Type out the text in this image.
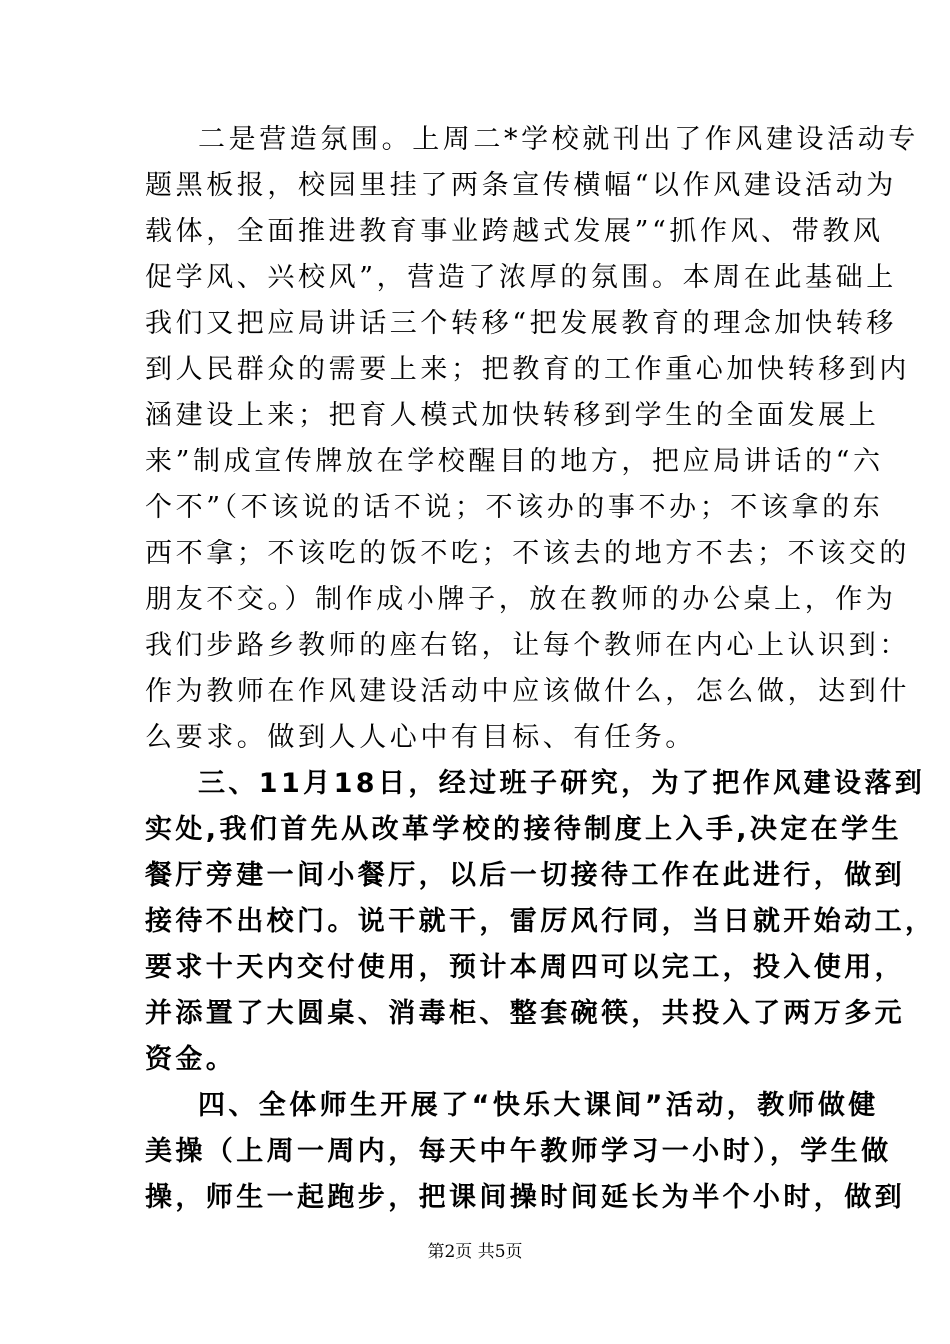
二是营造氛围。上周二*学校就刊出了作风建设活动专
题黑板报，校园里挂了两条宣传横幅“以作风建设活动为
载体，全面推进教育事业跨越式发展”“抓作风、带教风
促学风、兴校风”，营造了浓厚的氛围。本周在此基础上
我们又把应局讲话三个转移“把发展教育的理念加快转移
到人民群众的需要上来；把教育的工作重心加快转移到内
涵建设上来；把育人模式加快转移到学生的全面发展上
来”制成宣传牌放在学校醒目的地方，把应局讲话的“六
个不”（不该说的话不说；不该办的事不办；不该拿的东
西不拿；不该吃的饭不吃；不该去的地方不去；不该交的
朋友不交。）制作成小牌子，放在教师的办公桌上，作为
我们步路乡教师的座右铭，让每个教师在内心上认识到：
作为教师在作风建设活动中应该做什么，怎么做，达到什
么要求。做到人人心中有目标、有任务。
三、11月18日，经过班子研究，为了把作风建设落到
实处,我们首先从改革学校的接待制度上入手,决定在学生
餐厅旁建一间小餐厅，以后一切接待工作在此进行，做到
接待不出校门。说干就干，雷厉风行同，当日就开始动工，
要求十天内交付使用，预计本周四可以完工，投入使用，
并添置了大圆桌、消毒柜、整套碗筷，共投入了两万多元
资金。
四、全体师生开展了“快乐大课间”活动，教师做健
美操（上周一周内，每天中午教师学习一小时），学生做
操，师生一起跑步，把课间操时间延长为半个小时，做到
第2页 共5页
